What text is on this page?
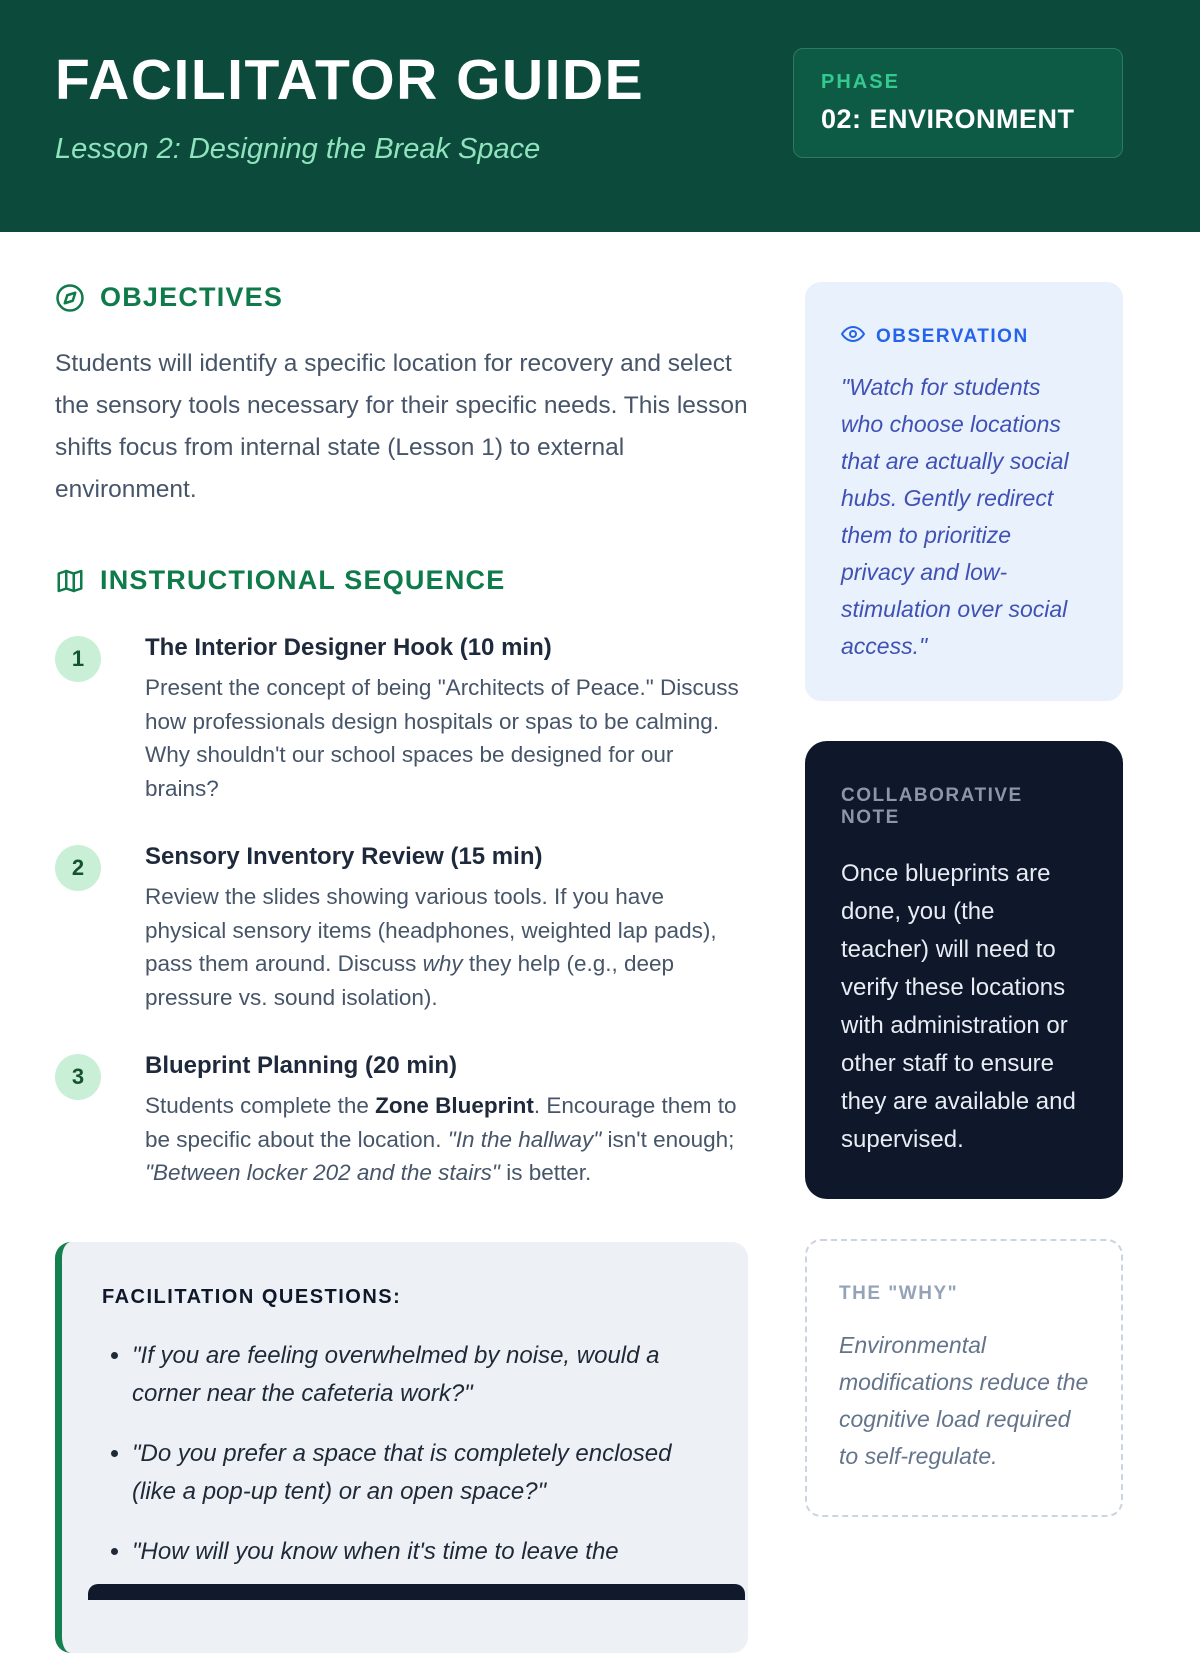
FACILITATOR GUIDE
Lesson 2: Designing the Break Space
PHASE
02: ENVIRONMENT
OBJECTIVES

Students will identify a specific location for recovery and select the sensory tools necessary for their specific needs. This lesson shifts focus from internal state (Lesson 1) to external environment.

INSTRUCTIONAL SEQUENCE
1	The Interior Designer Hook (10 min)
Present the concept of being "Architects of Peace." Discuss how professionals design hospitals or spas to be calming. Why shouldn't our school spaces be designed for our brains?
2	Sensory Inventory Review (15 min)
Review the slides showing various tools. If you have physical sensory items (headphones, weighted lap pads), pass them around. Discuss why they help (e.g., deep pressure vs. sound isolation).
3	Blueprint Planning (20 min)
Students complete the Zone Blueprint. Encourage them to be specific about the location. "In the hallway" isn't enough; "Between locker 202 and the stairs" is better.
FACILITATION QUESTIONS:
• "If you are feeling overwhelmed by noise, would a corner near the cafeteria work?"
• "Do you prefer a space that is completely enclosed (like a pop-up tent) or an open space?"
• "How will you know when it's time to leave the
OBSERVATION
"Watch for students who choose locations that are actually social hubs. Gently redirect them to prioritize privacy and low-stimulation over social access."
COLLABORATIVE NOTE
Once blueprints are done, you (the teacher) will need to verify these locations with administration or other staff to ensure they are available and supervised.
THE "WHY"
Environmental modifications reduce the cognitive load required to self-regulate.
